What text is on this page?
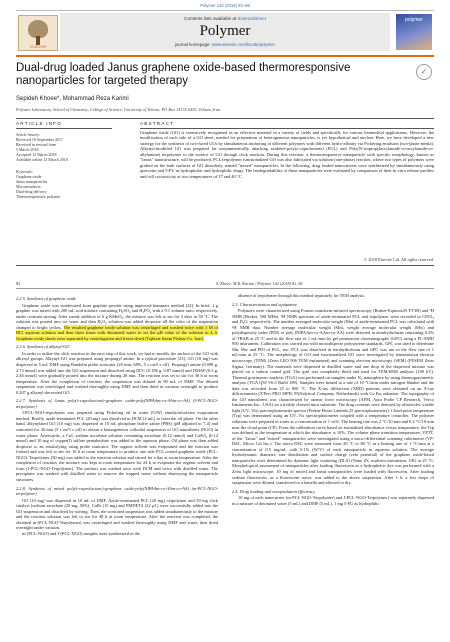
Polymer 142 (2018) 82–96
ELSEVIER
Contents lists available at ScienceDirect
Polymer
journal homepage: www.elsevier.com/locate/polymer
polymer
Dual-drug loaded Janus graphene oxide-based thermoresponsive nanoparticles for targeted therapy
✓
Sepideh Khoee*, Mohammad Reza Karimi
Polymer Laboratory, School of Chemistry, College of Science, University of Tehran, PO Box 14155 6455, Tehran, Iran
ARTICLE INFO	ABSTRACT
Article history:
Received 18 September 2017
Received in revised form
5 March 2018
Accepted 12 March 2018
Available online 13 March 2018
Keywords:
Graphene oxide
Janus nanoparticles
Microemulsion
Dual-drug delivery
Thermoresponsive polymer
Graphene oxide (GO) is extensively recognized as an effective material in a variety of fields and specifically for various biomedical applications. However, the modification of each side of a GO sheet, needed for preparation of heterogeneous nanoparticles, is yet hypothetical and unclear. Here, we have developed a new strategy for the synthesis of two-faced GOs by simultaneous anchoring of different polymers with different hydro-affinity via Pickering emulsion (two-phase media). Alkynyl-modified GO was prepared for unsymmetrically attaching azidated-poly(ε-caprolactone) (PCL) and Poly(N-isopropylacrylamide-co-acrylamide-co-allylamine) terpolymer to the surface of GO through click reaction. During this reaction, a thermoresponsive nanoparticle with specific morphology, known as "Janus" nanostructure, will be produced. PCL/terpolymer functionalized GO was also fabricated via solution (one-phase) reaction, where two types of polymers were grafted on the both surfaces of GO disorderly, named "mixed" nanoparticles. In the following, drug loaded nanocarriers were synthesized by simultaneously using quercetin and 5-FU as hydrophobic and hydrophilic drugs. The biodegradability of these nanoparticles were evaluated by comparison of their in vitro release profiles and cell cytotoxicity at two temperatures of 37 and 40 °C.
© 2018 Elsevier Ltd. All rights reserved.
82	S. Khoee, M.R. Karimi / Polymer 142 (2018) 82–96
2.2.5. Synthesis of graphene oxide

Graphene oxide was synthesized from graphite powder using improved hummers method [22]. In brief, 1 g graphite was mixed with 200 mL acid mixture containing H₂SO₄ and H₃PO₄ with a 9:1 volume ratio, respectively, under constant stirring. After steady addition of 6 g KMnO₄, the mixture was left to stir for 3 days in 50 °C. The solution was poured into ice water and then H₂O₂ solution was added dropwise till the color of the suspension changed to bright yellow. The resulted graphene oxide solution was centrifuged and washed twice with 1 M of HCl aqueous solution and then three times with deionized water to set the pH value of the solution to 4–5. Graphene oxide sheets were separated by centrifugation and freeze-dried (Tajhizat Sazan Pishtaz Co. Iran).

2.2.6. Synthesis of alkynyl-GO

In order to utilize the click reaction in the next step of this work, we had to modify the surface of the GO with alkynyl groups. Alkynyl-GO was prepared using propargyl amine. In a typical procedure [23], GO (10 mg) was dispersed in 5 mL DMF using Bandelin probe sonicator (20 min, 68%, 5 s on/5 s off). Propargyl amine (0.098 g, 2.73 mmol) was added into the GO suspension and dissolved using DCC (0.186 g, 0.87 mmol) and DMAP (0.3 g, 2.46 mmol) were gradually poured into the mixture during 20 min. The reaction was set to stir for 36 h at room temperature. After the completion of reaction, the suspension was diluted in 80 mL of DMF. The diluted suspension was centrifuged and washed thoroughly using DMF and then dried in vacuum overnight to produce 0.207 g alkynyl-decorated GO.

2.2.7. Synthesis of Janus poly(ε-caprolactone)-graphene oxide-poly(NIPAAm-co-AAm-co-AA) (J-PCL-NGO-terpolymer)

J-PCL-NGO-terpolymer was prepared using Pickering oil in water (O/W) emulsion/solvent evaporation method. Briefly, azide-terminated PCL (20 mg) was dissolved in DCM (2 mL) to form the oil phase. On the other hand, alkynylated GO (10 mg) was dispersed in 10 mL phosphate buffer saline (PBS) (pH adjusted to 7.4) and sonicated for 30 min (5 s on/5 s off) to obtain a homogeneous colloidal suspension of GO nanosheets (NGO) in water phase. Afterwards, a CuI, sodium ascorbate solution containing ascorbate (0.12 mmol) and CuSO₄ (0.12 mmol) and 10 mg of copper(I) sulfate pentahydrate was added to the aqueous phase. Oil phase was then added dropwise to an emulsifying using probe sonicator. The organic solvent was evaporated and the reaction was formed and was left to stir for 16 h at room temperature to produce one side PCL coated graphene oxide (PCL-NGO). Terpolymer (50 mg) was added to the reaction solution and stirred for a day at room temperature. After the completion of reaction, the mixture was kept at room temperature for 24 h to evaporate the organic solvent and form (J-PCL-NGO-Terpolymer). The product was washed once with DCM and twice with distilled water. The precipitate was washed with distilled water to remove the trapped water without destroying the nanoparticle structures.

2.2.8. Synthesis of mixed poly(ε-caprolactone)-graphene oxide-poly(NIPAAm-co-AAm-co-AA) (m-PCL-NGO-terpolymer)

GO (10 mg) was dispersed in 10 mL of DMF. Azido-terminated PCL (20 mg), terpolymer and 50 mg click catalyst (sodium ascorbate (20 mg, 50%), CuBr (15 mg) and PMDETA (22 μL) were successfully added into the GO suspension and dissolved by stirring. Then, the sonicated suspension was added simultaneously to the mixture and the reaction solution was left to stir for 48 h at room temperature. After the reaction was completed, the obtained m-(PCL-NGO-Terpolymer) was centrifuged and washed thoroughly using DMF and water, then dried overnight under vacuum.

m-(PCL-NGO) and J-(PCL-NGO) samples were synthesized in the

absence of terpolymer through this method separately for TEM analysis.

2.3. Characterization and equipment

Polymers were characterized using Fourier transform-infrared spectroscopy (Bruker-Equinox55 FT-IR) and ¹H NMR (Bruker, 500 MHz). ¹H NMR spectrum of azide-terminated PCL and terpolymer were recorded in CDCl₃ and D₂O, respectively. The number averaged molecular weight (Mn) of azide-terminated PCL was calculated with ¹H NMR data. Number average molecular weight (Mn), weight average molecular weight (Mw) and polydispersity index (PDI) of poly (NIPAAm-co-AAm-co-AA) were detected in tetrahydrofuran containing 0.2% of TBAB at 25 °C and in the flow rate of 1 mL/min by gel permeation chromatography (GPC) using a PL-EMD 950 instrument. Calibration was carried out with monodisperse polystyrene standards. GPC was used to determine Mn, Mw and PDI of PCL, too. PCL was dissolved in tetrahydrofuran and GPC was run in the flow rate of 1 mL/min at 25 °C. The morphology of GO and functionalized GO were investigated by transmission electron microscopy (TEM) (Zeiss LEO 906 TEM instrument) and scanning electron microscopy (SEM) (FESEM Zeiss Sigma, Germany). The materials were dispersed in distilled water and one drop of the dispersed mixture was placed on a carbon coated grid. The grid was completely dried and used for TEM/SEM analysis (100 kV). Thermal gravimetric analysis (TGA) was performed on samples under N₂ atmosphere by using thermogravimetric analysis (TGA Q50 V6.3 Build 189). Samples were heated at a rate of 10 °C/min under nitrogen blanket and the data was recorded from 25 to 800 °C. The X-ray diffraction (XRD) patterns were obtained on an X-ray diffractometer (X'Pert PRO MPD, PANalytical Company, Netherlands) with Cu Kα radiation. The topography of the GO nanosheets was characterized by atomic force microscopy (AFM, Auto Probe CP Research, Veeco Instruments Inc., USA) on a freshly cleaved mica substrate. The drug contents were detected by ultraviolet–visible light (UV–Vis) spectrophotometer spectra (Perkin-Elmer Lambda 25 spectrophotometer). Cloud point temperature (Tcp) was determined using an UV–Vis spectrophotometer coupled with a temperature controller. The polymer solutions were prepared in water at a concentration of 1 wt%. The heating rate was 2 °C/10 min and 0.2 °C/10 min near the cloud point (CP). From the calibration curve based on normalized absorbance versus temperature, the Tcp was defined as the temperature at which the absorbance is 10%. The volume phase transition temperature, VPTT, of the "Janus" and "mixed" nanoparticles were investigated using a micro-differential scanning calorimeter (VP-DSC, Micro Cal Inc.). The micro-DSC were measured from 20 °C to 80 °C at a heating rate of 1 °C/min at a concentration of 0.5 mg/mL with 0.1% (W/V) of each nanoparticle in aqueous solution. The average hydrodynamic diameter, size distribution and surface charge (zeta potential) of the graphene oxide-based nanoparticles were determined by dynamic light scattering (DLS) (Nano ZS, malvern instrument, UK) at 25 °C. Morphological assessment of nanoparticles after loading fluorescein as a hydrophobic dye was performed with a Zeiss light microscope. 10 mg of mixed and Janus nanoparticles were loaded with fluorescein. After loading sodium fluorescein, as a fluorescent tracer, was added to the above suspension. After 1 h, a few drops of suspension were diluted, transferred to a lamella and allowed to dry.

2.4. Drug loading and encapsulation efficiency

10 mg of each nanocarrier (m-PCL-NGO-Terpolymer) and J-PCL-NGO-Terpolymer) was separately dispersed in a mixture of deionized water (5 mL) and DMF (5 mL). 1 mg 5-FU as hydrophilic
